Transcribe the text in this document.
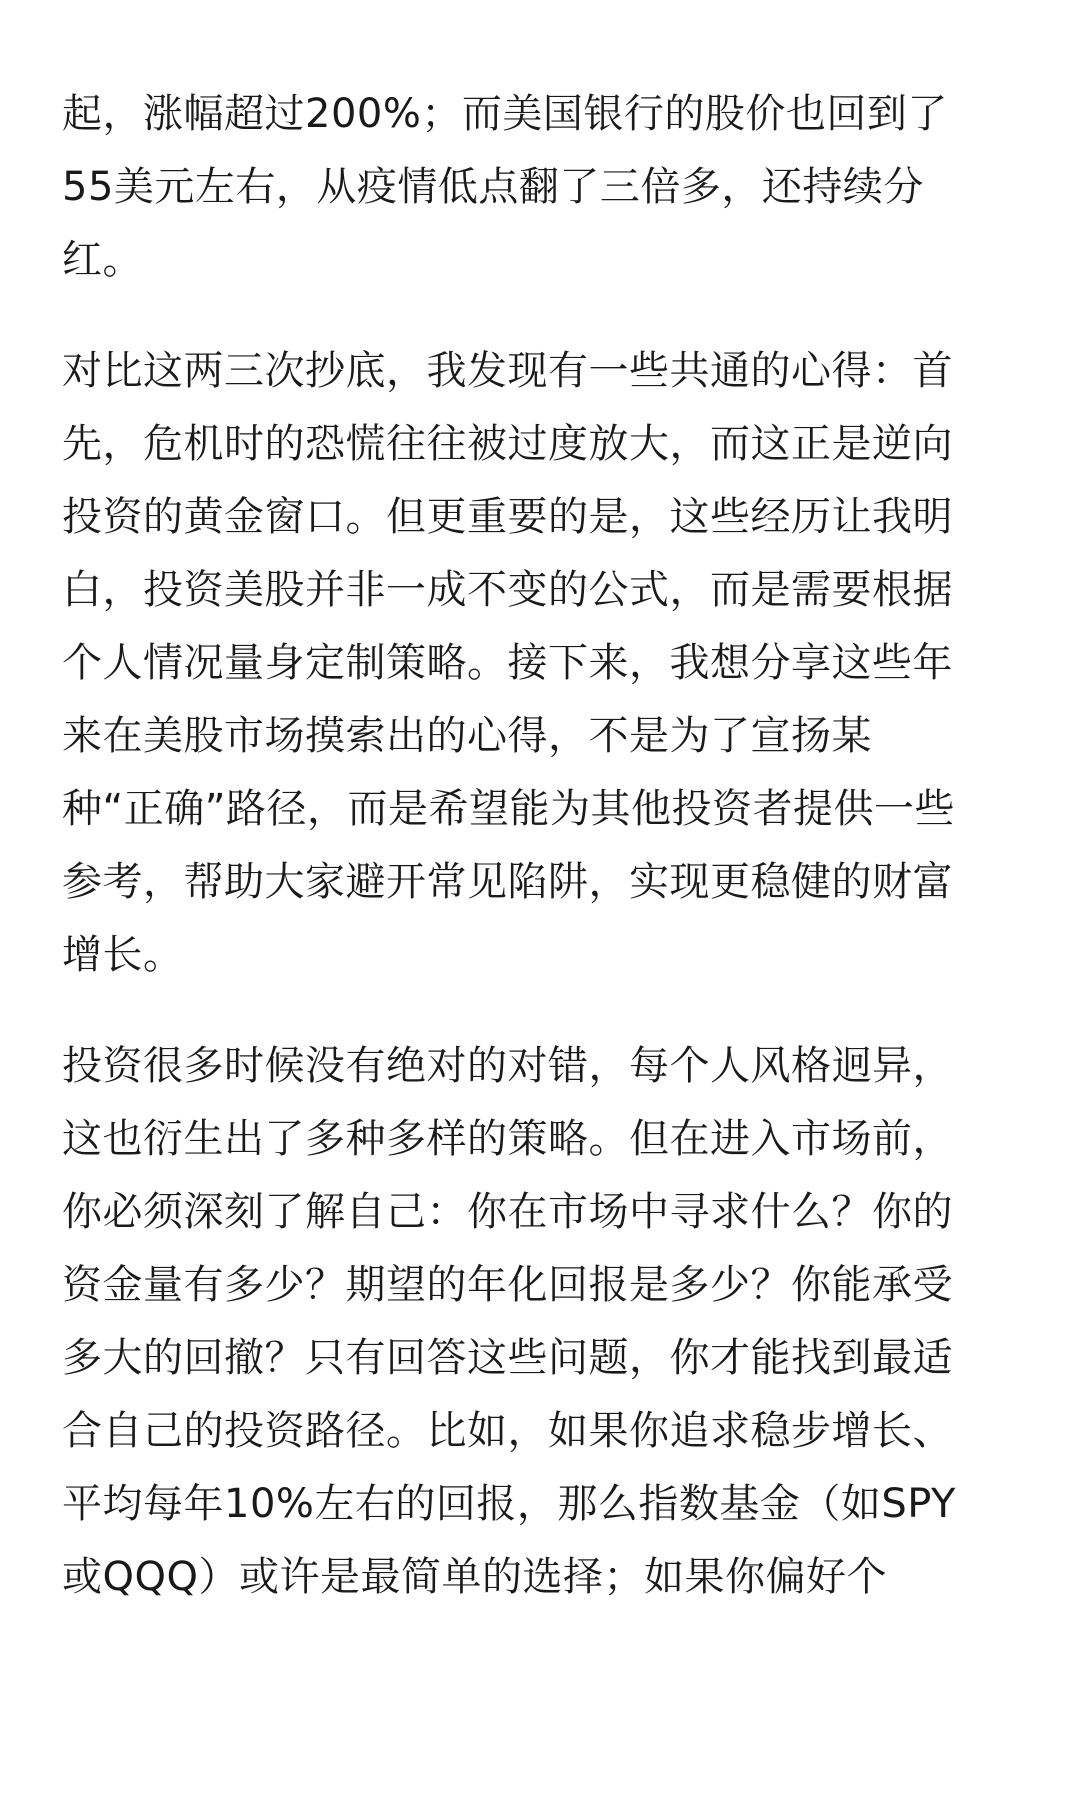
起，涨幅超过200%；而美国银行的股价也回到了
55美元左右，从疫情低点翻了三倍多，还持续分
红。
对比这两三次抄底，我发现有一些共通的心得：首
先，危机时的恐慌往往被过度放大，而这正是逆向
投资的黄金窗口。但更重要的是，这些经历让我明
白，投资美股并非一成不变的公式，而是需要根据
个人情况量身定制策略。接下来，我想分享这些年
来在美股市场摸索出的心得，不是为了宣扬某
种“正确”路径，而是希望能为其他投资者提供一些
参考，帮助大家避开常见陷阱，实现更稳健的财富
增长。
投资很多时候没有绝对的对错，每个人风格迥异，
这也衍生出了多种多样的策略。但在进入市场前，
你必须深刻了解自己：你在市场中寻求什么？你的
资金量有多少？期望的年化回报是多少？你能承受
多大的回撤？只有回答这些问题，你才能找到最适
合自己的投资路径。比如，如果你追求稳步增长、
平均每年10%左右的回报，那么指数基金（如SPY
或QQQ）或许是最简单的选择；如果你偏好个
